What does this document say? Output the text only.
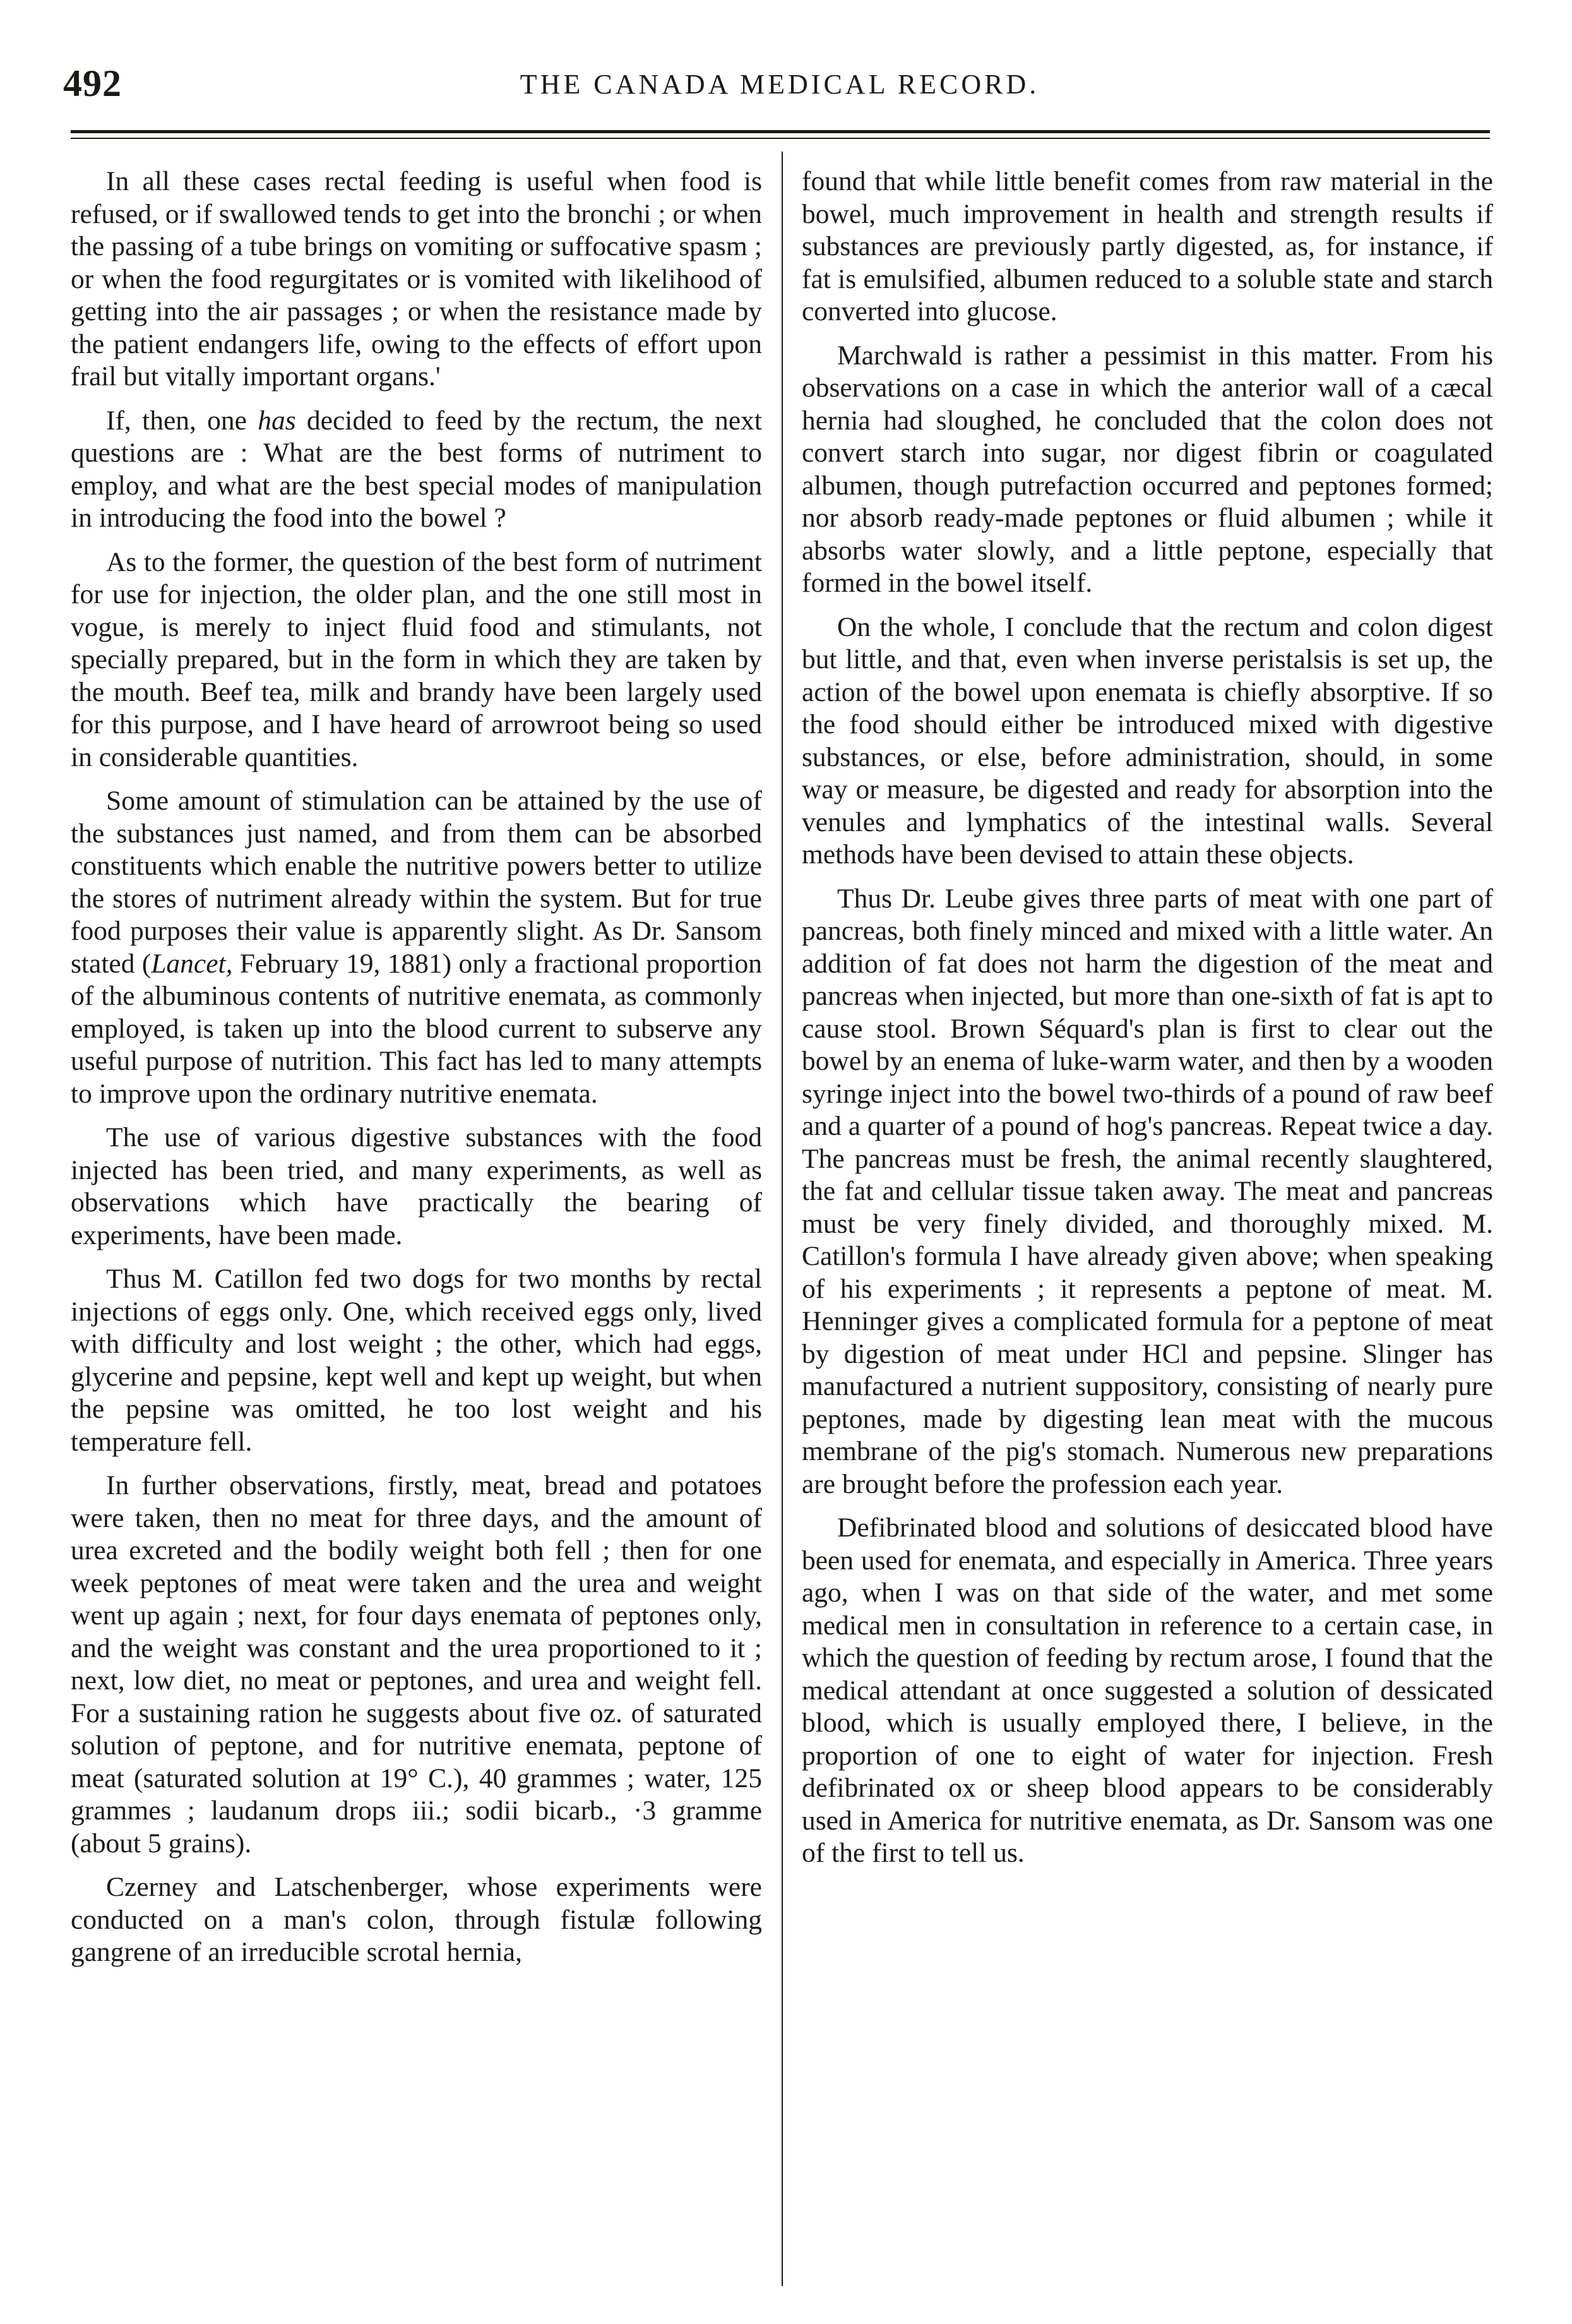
492	THE CANADA MEDICAL RECORD.

In all these cases rectal feeding is useful when food is refused, or if swallowed tends to get into the bronchi ; or when the passing of a tube brings on vomiting or suffocative spasm ; or when the food regurgitates or is vomited with likelihood of getting into the air passages ; or when the resistance made by the patient endangers life, owing to the effects of effort upon frail but vitally important organs.'

If, then, one has decided to feed by the rectum, the next questions are : What are the best forms of nutriment to employ, and what are the best special modes of manipulation in introducing the food into the bowel ?

As to the former, the question of the best form of nutriment for use for injection, the older plan, and the one still most in vogue, is merely to inject fluid food and stimulants, not specially prepared, but in the form in which they are taken by the mouth. Beef tea, milk and brandy have been largely used for this purpose, and I have heard of arrowroot being so used in considerable quantities.

Some amount of stimulation can be attained by the use of the substances just named, and from them can be absorbed constituents which enable the nutritive powers better to utilize the stores of nutriment already within the system. But for true food purposes their value is apparently slight. As Dr. Sansom stated (Lancet, February 19, 1881) only a fractional proportion of the albuminous contents of nutritive enemata, as commonly employed, is taken up into the blood current to subserve any useful purpose of nutrition. This fact has led to many attempts to improve upon the ordinary nutritive enemata.

The use of various digestive substances with the food injected has been tried, and many experiments, as well as observations which have practically the bearing of experiments, have been made.

Thus M. Catillon fed two dogs for two months by rectal injections of eggs only. One, which received eggs only, lived with difficulty and lost weight ; the other, which had eggs, glycerine and pepsine, kept well and kept up weight, but when the pepsine was omitted, he too lost weight and his temperature fell.

In further observations, firstly, meat, bread and potatoes were taken, then no meat for three days, and the amount of urea excreted and the bodily weight both fell ; then for one week peptones of meat were taken and the urea and weight went up again ; next, for four days enemata of peptones only, and the weight was constant and the urea proportioned to it ; next, low diet, no meat or peptones, and urea and weight fell. For a sustaining ration he suggests about five oz. of saturated solution of peptone, and for nutritive enemata, peptone of meat (saturated solution at 19° C.), 40 grammes ; water, 125 grammes ; laudanum drops iii.; sodii bicarb., ·3 gramme (about 5 grains).

Czerney and Latschenberger, whose experiments were conducted on a man's colon, through fistulæ following gangrene of an irreducible scrotal hernia,

found that while little benefit comes from raw material in the bowel, much improvement in health and strength results if substances are previously partly digested, as, for instance, if fat is emulsified, albumen reduced to a soluble state and starch converted into glucose.

Marchwald is rather a pessimist in this matter. From his observations on a case in which the anterior wall of a cæcal hernia had sloughed, he concluded that the colon does not convert starch into sugar, nor digest fibrin or coagulated albumen, though putrefaction occurred and peptones formed; nor absorb ready-made peptones or fluid albumen ; while it absorbs water slowly, and a little peptone, especially that formed in the bowel itself.

On the whole, I conclude that the rectum and colon digest but little, and that, even when inverse peristalsis is set up, the action of the bowel upon enemata is chiefly absorptive. If so the food should either be introduced mixed with digestive substances, or else, before administration, should, in some way or measure, be digested and ready for absorption into the venules and lymphatics of the intestinal walls. Several methods have been devised to attain these objects.

Thus Dr. Leube gives three parts of meat with one part of pancreas, both finely minced and mixed with a little water. An addition of fat does not harm the digestion of the meat and pancreas when injected, but more than one-sixth of fat is apt to cause stool. Brown Séquard's plan is first to clear out the bowel by an enema of luke-warm water, and then by a wooden syringe inject into the bowel two-thirds of a pound of raw beef and a quarter of a pound of hog's pancreas. Repeat twice a day. The pancreas must be fresh, the animal recently slaughtered, the fat and cellular tissue taken away. The meat and pancreas must be very finely divided, and thoroughly mixed. M. Catillon's formula I have already given above; when speaking of his experiments ; it represents a peptone of meat. M. Henninger gives a complicated formula for a peptone of meat by digestion of meat under HCl and pepsine. Slinger has manufactured a nutrient suppository, consisting of nearly pure peptones, made by digesting lean meat with the mucous membrane of the pig's stomach. Numerous new preparations are brought before the profession each year.

Defibrinated blood and solutions of desiccated blood have been used for enemata, and especially in America. Three years ago, when I was on that side of the water, and met some medical men in consultation in reference to a certain case, in which the question of feeding by rectum arose, I found that the medical attendant at once suggested a solution of dessicated blood, which is usually employed there, I believe, in the proportion of one to eight of water for injection. Fresh defibrinated ox or sheep blood appears to be considerably used in America for nutritive enemata, as Dr. Sansom was one of the first to tell us.
